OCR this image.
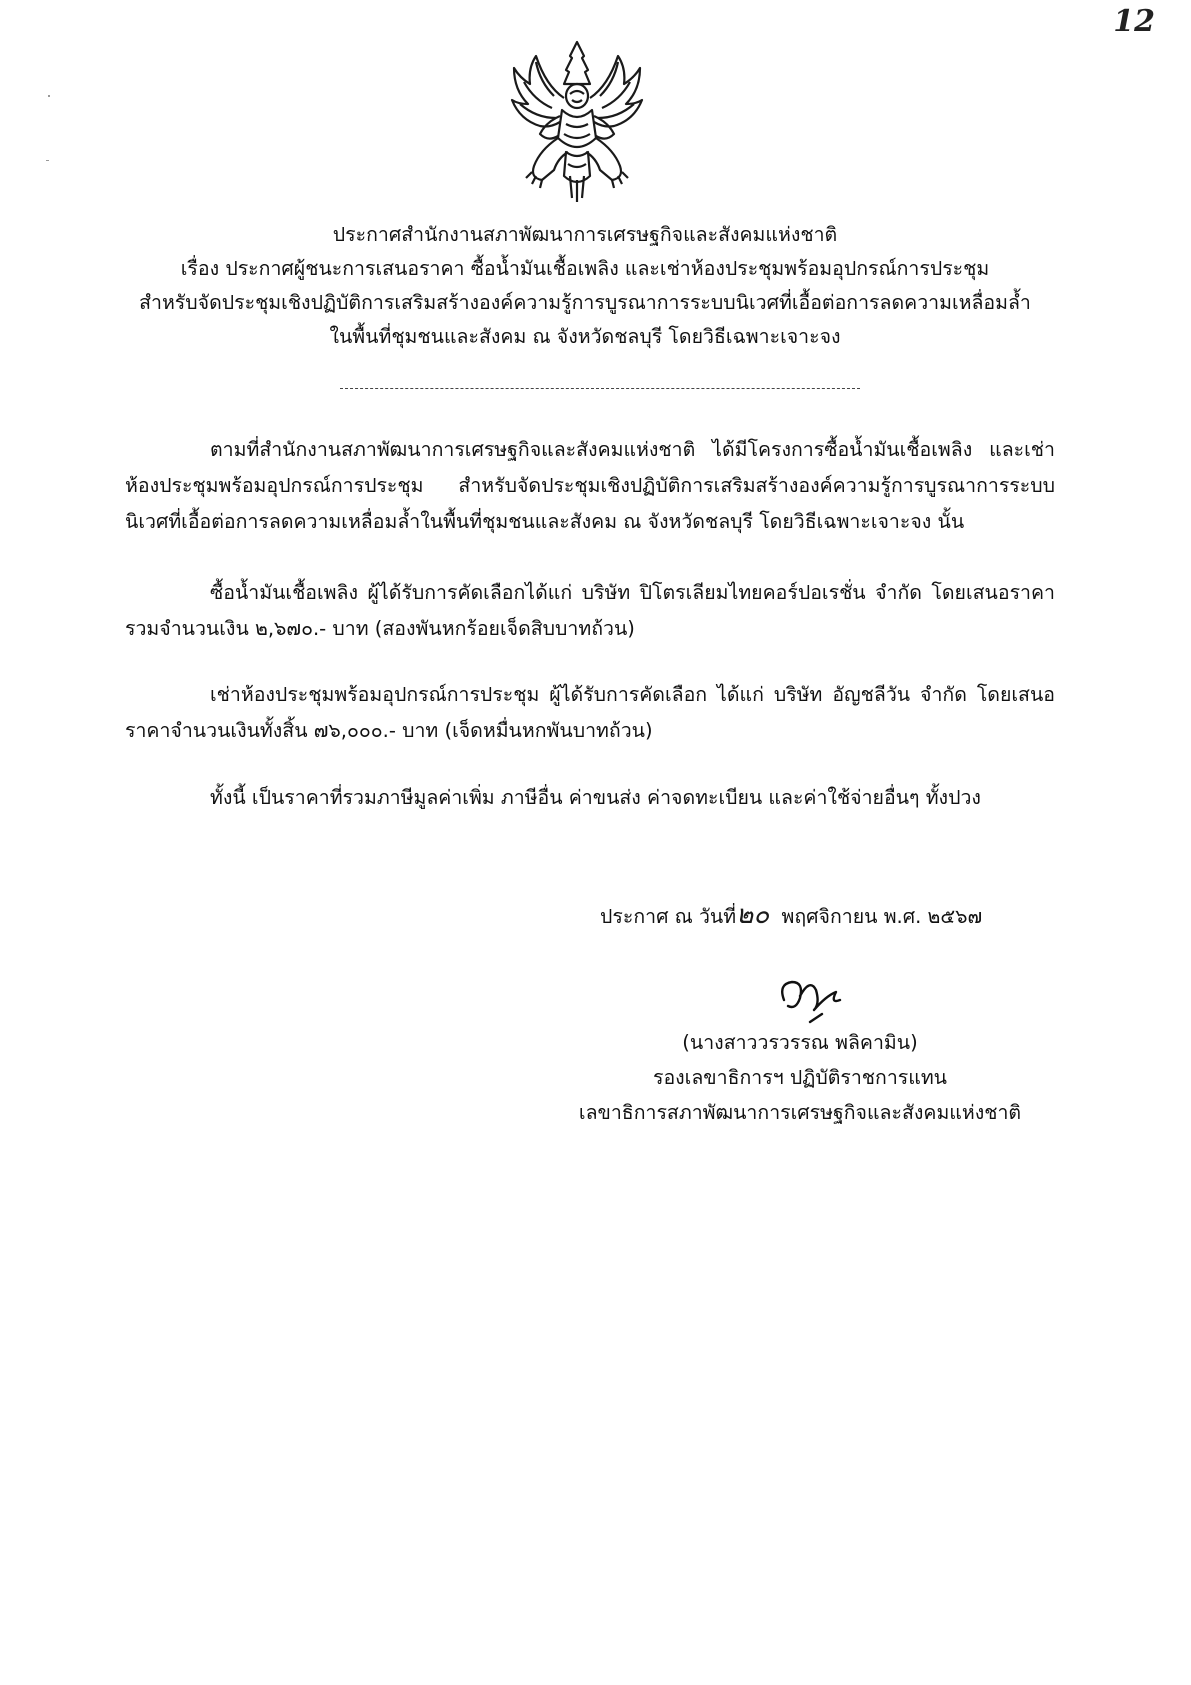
12
ประกาศสำนักงานสภาพัฒนาการเศรษฐกิจและสังคมแห่งชาติ
เรื่อง ประกาศผู้ชนะการเสนอราคา ซื้อน้ำมันเชื้อเพลิง และเช่าห้องประชุมพร้อมอุปกรณ์การประชุม
สำหรับจัดประชุมเชิงปฏิบัติการเสริมสร้างองค์ความรู้การบูรณาการระบบนิเวศที่เอื้อต่อการลดความเหลื่อมล้ำ
ในพื้นที่ชุมชนและสังคม ณ จังหวัดชลบุรี โดยวิธีเฉพาะเจาะจง

ตามที่สำนักงานสภาพัฒนาการเศรษฐกิจและสังคมแห่งชาติ ได้มีโครงการซื้อน้ำมันเชื้อเพลิง และเช่าห้องประชุมพร้อมอุปกรณ์การประชุม สำหรับจัดประชุมเชิงปฏิบัติการเสริมสร้างองค์ความรู้การบูรณาการระบบนิเวศที่เอื้อต่อการลดความเหลื่อมล้ำในพื้นที่ชุมชนและสังคม ณ จังหวัดชลบุรี โดยวิธีเฉพาะเจาะจง นั้น

ซื้อน้ำมันเชื้อเพลิง ผู้ได้รับการคัดเลือกได้แก่ บริษัท ปิโตรเลียมไทยคอร์ปอเรชั่น จำกัด โดยเสนอราคารวมจำนวนเงิน ๒,๖๗๐.- บาท (สองพันหกร้อยเจ็ดสิบบาทถ้วน)

เช่าห้องประชุมพร้อมอุปกรณ์การประชุม ผู้ได้รับการคัดเลือก ได้แก่ บริษัท อัญชลีวัน จำกัด โดยเสนอราคาจำนวนเงินทั้งสิ้น ๗๖,๐๐๐.- บาท (เจ็ดหมื่นหกพันบาทถ้วน)

ทั้งนี้ เป็นราคาที่รวมภาษีมูลค่าเพิ่ม ภาษีอื่น ค่าขนส่ง ค่าจดทะเบียน และค่าใช้จ่ายอื่นๆ ทั้งปวง

ประกาศ ณ วันที่๒๐ พฤศจิกายน พ.ศ. ๒๕๖๗
(นางสาววรวรรณ พลิคามิน)
รองเลขาธิการฯ ปฏิบัติราชการแทน
เลขาธิการสภาพัฒนาการเศรษฐกิจและสังคมแห่งชาติ
